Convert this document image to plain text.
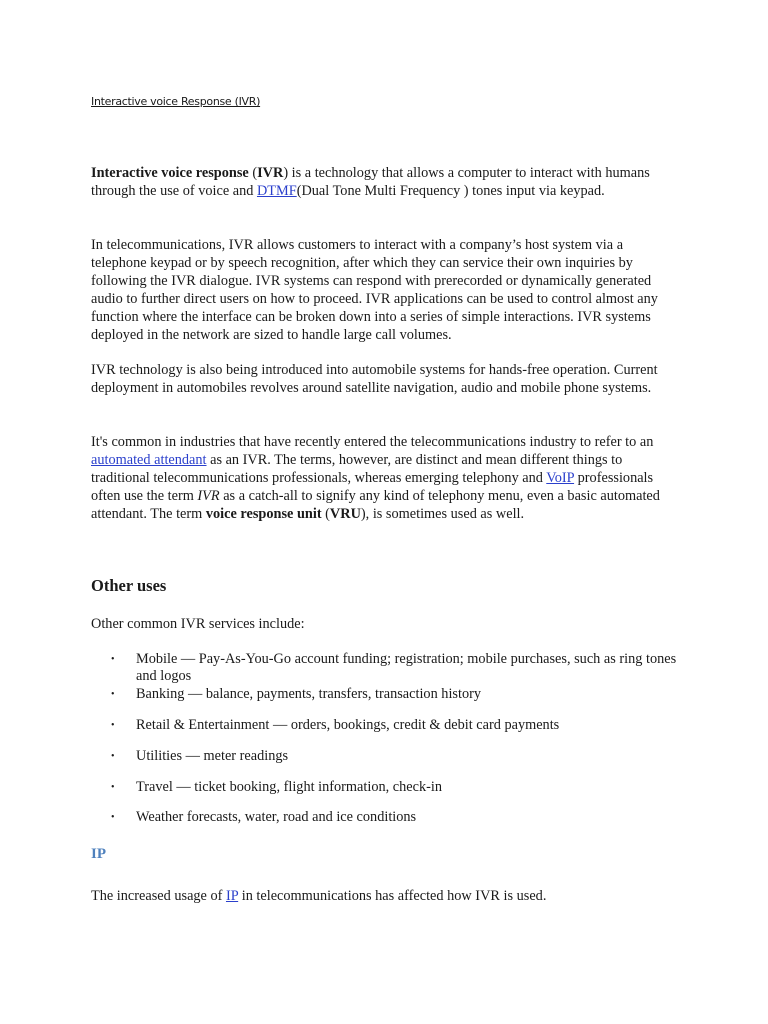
Interactive voice Response (IVR)

Interactive voice response (IVR) is a technology that allows a computer to interact with humans through the use of voice and DTMF(Dual Tone Multi Frequency ) tones input via keypad.

In telecommunications, IVR allows customers to interact with a company’s host system via a telephone keypad or by speech recognition, after which they can service their own inquiries by following the IVR dialogue. IVR systems can respond with prerecorded or dynamically generated audio to further direct users on how to proceed. IVR applications can be used to control almost any function where the interface can be broken down into a series of simple interactions. IVR systems deployed in the network are sized to handle large call volumes.

IVR technology is also being introduced into automobile systems for hands-free operation. Current deployment in automobiles revolves around satellite navigation, audio and mobile phone systems.

It's common in industries that have recently entered the telecommunications industry to refer to an automated attendant as an IVR. The terms, however, are distinct and mean different things to traditional telecommunications professionals, whereas emerging telephony and VoIP professionals often use the term IVR as a catch-all to signify any kind of telephony menu, even a basic automated attendant. The term voice response unit (VRU), is sometimes used as well.

Other uses

Other common IVR services include:

• Mobile — Pay-As-You-Go account funding; registration; mobile purchases, such as ring tones and logos
• Banking — balance, payments, transfers, transaction history
• Retail & Entertainment — orders, bookings, credit & debit card payments
• Utilities — meter readings
• Travel — ticket booking, flight information, check-in
• Weather forecasts, water, road and ice conditions
IP

The increased usage of IP in telecommunications has affected how IVR is used.
